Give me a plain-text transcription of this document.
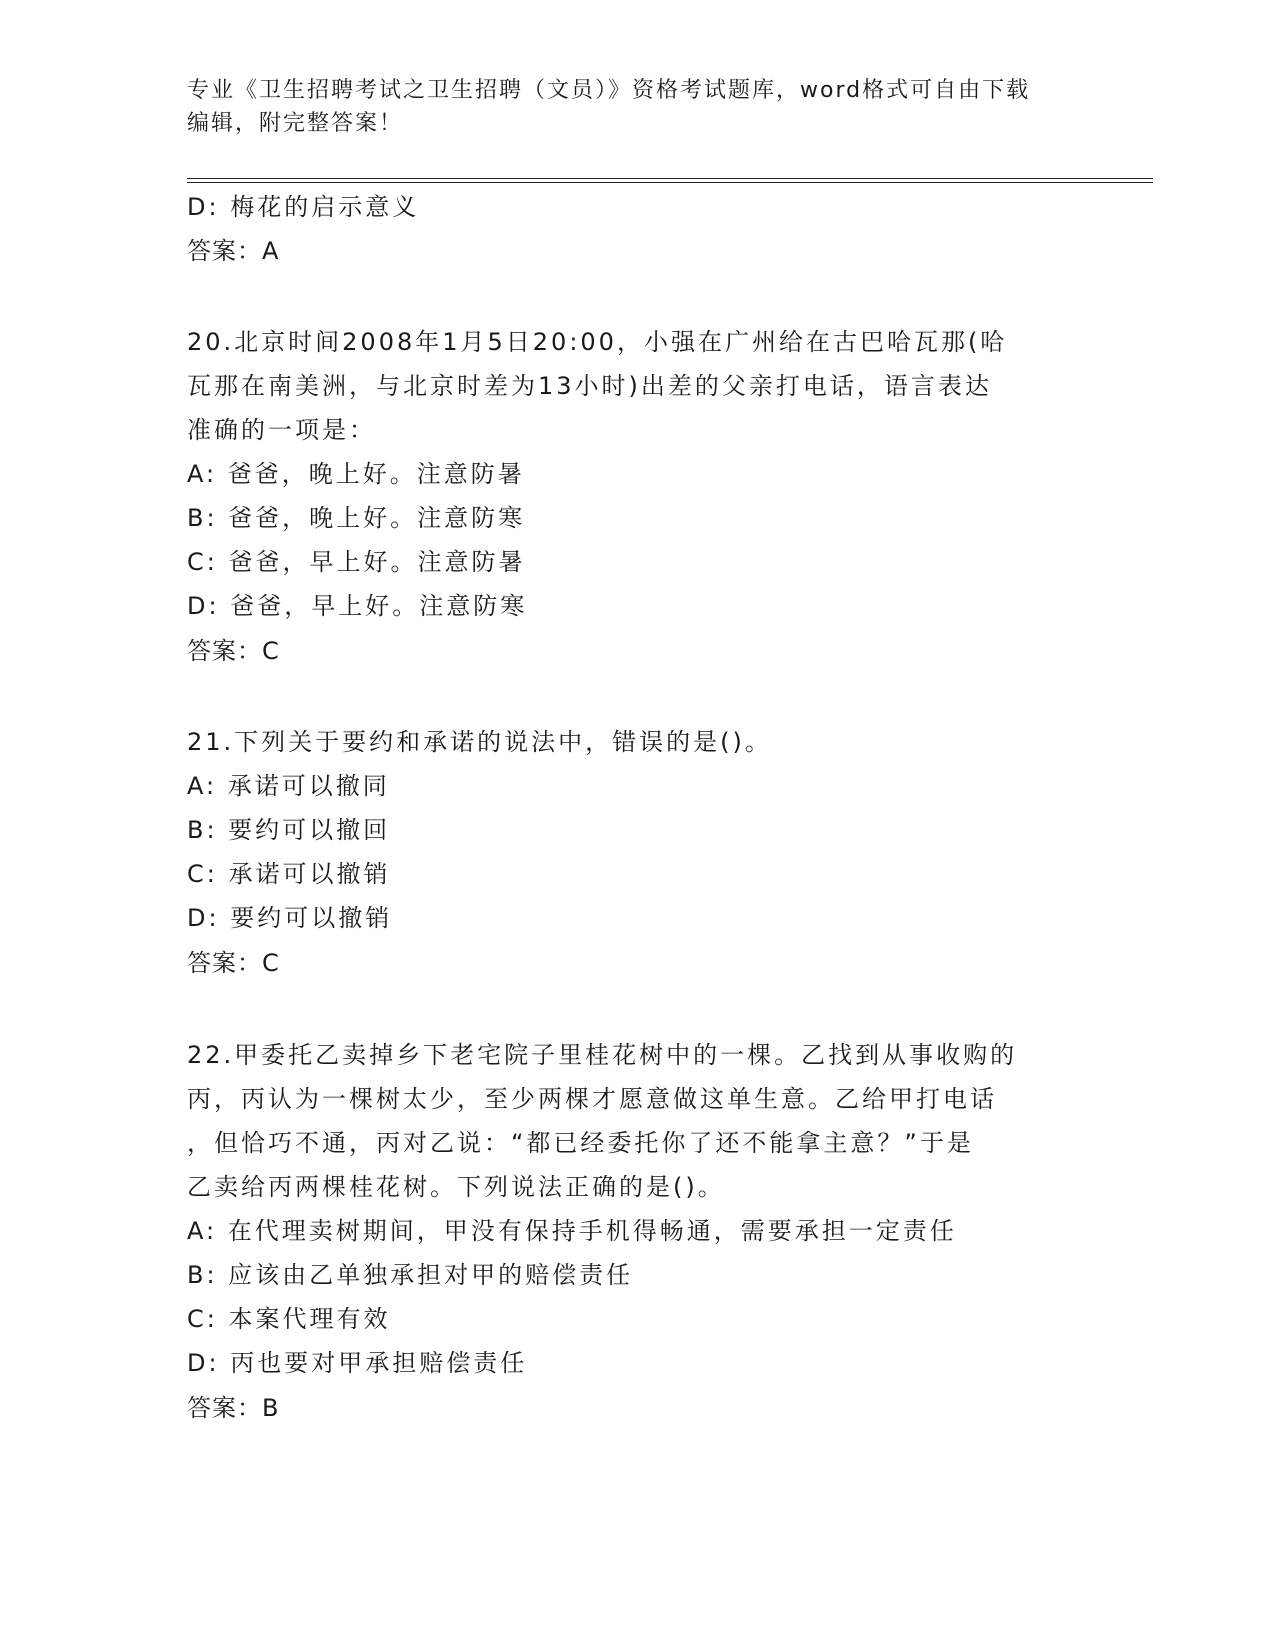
专业《卫生招聘考试之卫生招聘（文员）》资格考试题库，word格式可自由下载
编辑，附完整答案！
D: 梅花的启示意义
答案：A
20.北京时间2008年1月5日20:00，小强在广州给在古巴哈瓦那(哈
瓦那在南美洲，与北京时差为13小时)出差的父亲打电话，语言表达
准确的一项是：
A: 爸爸，晚上好。注意防暑
B: 爸爸，晚上好。注意防寒
C: 爸爸，早上好。注意防暑
D: 爸爸，早上好。注意防寒
答案：C
21.下列关于要约和承诺的说法中，错误的是()。
A: 承诺可以撤同
B: 要约可以撤回
C: 承诺可以撤销
D: 要约可以撤销
答案：C
22.甲委托乙卖掉乡下老宅院子里桂花树中的一棵。乙找到从事收购的
丙，丙认为一棵树太少，至少两棵才愿意做这单生意。乙给甲打电话
，但恰巧不通，丙对乙说：“都已经委托你了还不能拿主意？”于是
乙卖给丙两棵桂花树。下列说法正确的是()。
A: 在代理卖树期间，甲没有保持手机得畅通，需要承担一定责任
B: 应该由乙单独承担对甲的赔偿责任
C: 本案代理有效
D: 丙也要对甲承担赔偿责任
答案：B
